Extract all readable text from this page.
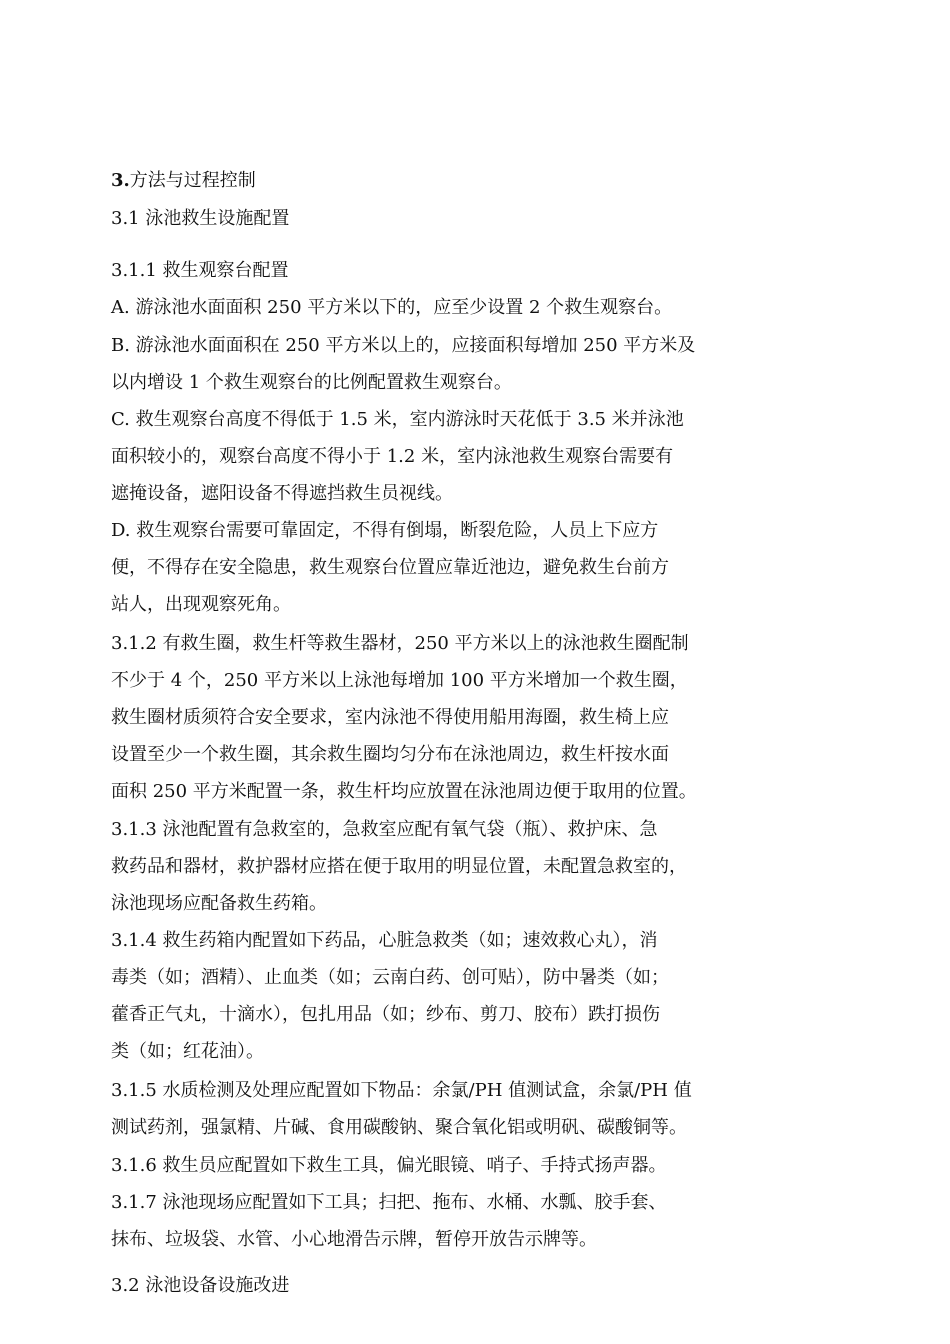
3.方法与过程控制

3.1 泳池救生设施配置

3.1.1 救生观察台配置

A. 游泳池水面面积 250 平方米以下的，应至少设置 2 个救生观察台。

B. 游泳池水面面积在 250 平方米以上的，应接面积每增加 250 平方米及
以内增设 1 个救生观察台的比例配置救生观察台。

C. 救生观察台高度不得低于 1.5 米，室内游泳时天花低于 3.5 米并泳池
面积较小的，观察台高度不得小于 1.2 米，室内泳池救生观察台需要有
遮掩设备，遮阳设备不得遮挡救生员视线。

D. 救生观察台需要可靠固定，不得有倒塌，断裂危险，人员上下应方
便，不得存在安全隐患，救生观察台位置应靠近池边，避免救生台前方
站人，出现观察死角。

3.1.2 有救生圈，救生杆等救生器材，250 平方米以上的泳池救生圈配制
不少于 4 个，250 平方米以上泳池每增加 100 平方米增加一个救生圈，
救生圈材质须符合安全要求，室内泳池不得使用船用海圈，救生椅上应
设置至少一个救生圈，其余救生圈均匀分布在泳池周边，救生杆按水面
面积 250 平方米配置一条，救生杆均应放置在泳池周边便于取用的位置。

3.1.3 泳池配置有急救室的，急救室应配有氧气袋（瓶）、救护床、急
救药品和器材，救护器材应搭在便于取用的明显位置，未配置急救室的，
泳池现场应配备救生药箱。

3.1.4 救生药箱内配置如下药品，心脏急救类（如；速效救心丸），消
毒类（如；酒精）、止血类（如；云南白药、创可贴），防中暑类（如；
藿香正气丸，十滴水），包扎用品（如；纱布、剪刀、胶布）跌打损伤
类（如；红花油）。

3.1.5 水质检测及处理应配置如下物品：余氯/PH 值测试盒，余氯/PH 值
测试药剂，强氯精、片碱、食用碳酸钠、聚合氧化铝或明矾、碳酸铜等。

3.1.6 救生员应配置如下救生工具，偏光眼镜、哨子、手持式扬声器。

3.1.7 泳池现场应配置如下工具；扫把、拖布、水桶、水瓢、胶手套、
抹布、垃圾袋、水管、小心地滑告示牌，暂停开放告示牌等。

3.2 泳池设备设施改进
